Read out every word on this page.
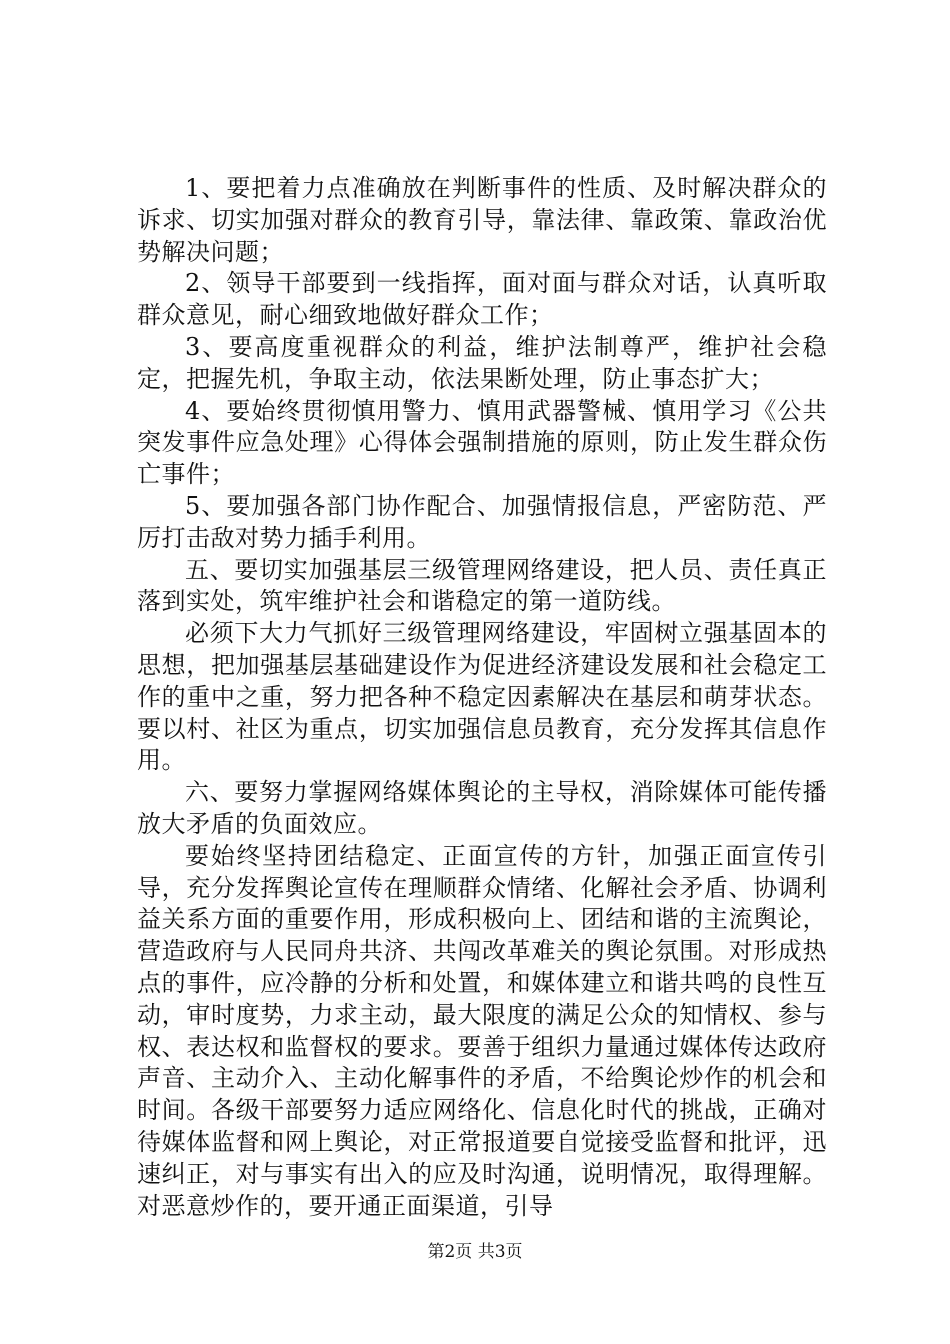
1、要把着力点准确放在判断事件的性质、及时解决群众的诉求、切实加强对群众的教育引导，靠法律、靠政策、靠政治优势解决问题；

2、领导干部要到一线指挥，面对面与群众对话，认真听取群众意见，耐心细致地做好群众工作；

3、要高度重视群众的利益，维护法制尊严，维护社会稳定，把握先机，争取主动，依法果断处理，防止事态扩大；

4、要始终贯彻慎用警力、慎用武器警械、慎用学习《公共突发事件应急处理》心得体会强制措施的原则，防止发生群众伤亡事件；

5、要加强各部门协作配合、加强情报信息，严密防范、严厉打击敌对势力插手利用。

五、要切实加强基层三级管理网络建设，把人员、责任真正落到实处，筑牢维护社会和谐稳定的第一道防线。

必须下大力气抓好三级管理网络建设，牢固树立强基固本的思想，把加强基层基础建设作为促进经济建设发展和社会稳定工作的重中之重，努力把各种不稳定因素解决在基层和萌芽状态。要以村、社区为重点，切实加强信息员教育，充分发挥其信息作用。

六、要努力掌握网络媒体舆论的主导权，消除媒体可能传播放大矛盾的负面效应。

要始终坚持团结稳定、正面宣传的方针，加强正面宣传引导，充分发挥舆论宣传在理顺群众情绪、化解社会矛盾、协调利益关系方面的重要作用，形成积极向上、团结和谐的主流舆论，营造政府与人民同舟共济、共闯改革难关的舆论氛围。对形成热点的事件，应冷静的分析和处置，和媒体建立和谐共鸣的良性互动，审时度势，力求主动，最大限度的满足公众的知情权、参与权、表达权和监督权的要求。要善于组织力量通过媒体传达政府声音、主动介入、主动化解事件的矛盾，不给舆论炒作的机会和时间。各级干部要努力适应网络化、信息化时代的挑战，正确对待媒体监督和网上舆论，对正常报道要自觉接受监督和批评，迅速纠正，对与事实有出入的应及时沟通，说明情况，取得理解。对恶意炒作的，要开通正面渠道，引导

第2页 共3页
